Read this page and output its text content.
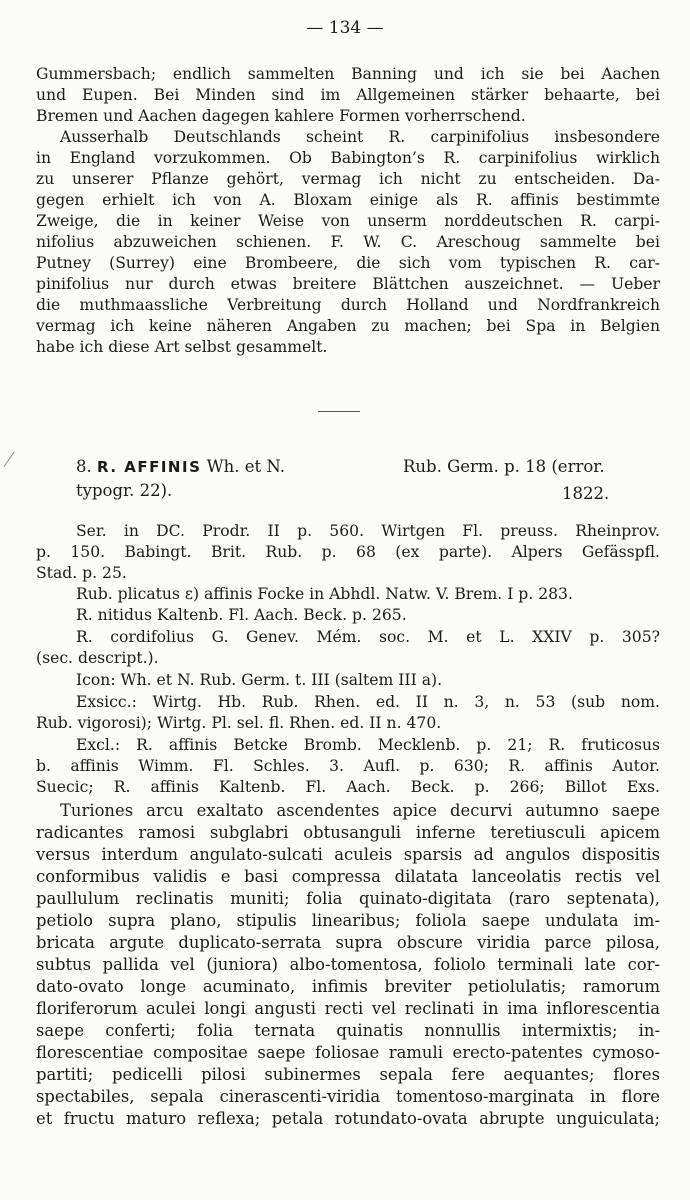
— 134 —
Gummersbach; endlich sammelten Banning und ich sie bei Aachen
und Eupen. Bei Minden sind im Allgemeinen stärker behaarte, bei
Bremen und Aachen dagegen kahlere Formen vorherrschend.
Ausserhalb Deutschlands scheint R. carpinifolius insbesondere
in England vorzukommen. Ob Babington’s R. carpinifolius wirklich
zu unserer Pflanze gehört, vermag ich nicht zu entscheiden. Da-
gegen erhielt ich von A. Bloxam einige als R. affinis bestimmte
Zweige, die in keiner Weise von unserm norddeutschen R. carpi-
nifolius abzuweichen schienen. F. W. C. Areschoug sammelte bei
Putney (Surrey) eine Brombeere, die sich vom typischen R. car-
pinifolius nur durch etwas breitere Blättchen auszeichnet. — Ueber
die muthmaassliche Verbreitung durch Holland und Nordfrankreich
vermag ich keine näheren Angaben zu machen; bei Spa in Belgien
habe ich diese Art selbst gesammelt.
8. R. AFFINIS Wh. et N.	Rub. Germ. p. 18 (error.
typogr. 22).	1822.
Ser. in DC. Prodr. II p. 560. Wirtgen Fl. preuss. Rheinprov.
p. 150. Babingt. Brit. Rub. p. 68 (ex parte). Alpers Gefässpfl.
Stad. p. 25.
Rub. plicatus ε) affinis Focke in Abhdl. Natw. V. Brem. I p. 283.
R. nitidus Kaltenb. Fl. Aach. Beck. p. 265.
R. cordifolius G. Genev. Mém. soc. M. et L. XXIV p. 305?
(sec. descript.).
Icon: Wh. et N. Rub. Germ. t. III (saltem III a).
Exsicc.: Wirtg. Hb. Rub. Rhen. ed. II n. 3, n. 53 (sub nom.
Rub. vigorosi); Wirtg. Pl. sel. fl. Rhen. ed. II n. 470.
Excl.: R. affinis Betcke Bromb. Mecklenb. p. 21; R. fruticosus
b. affinis Wimm. Fl. Schles. 3. Aufl. p. 630; R. affinis Autor.
Suecic; R. affinis Kaltenb. Fl. Aach. Beck. p. 266; Billot Exs.
Turiones arcu exaltato ascendentes apice decurvi autumno saepe
radicantes ramosi subglabri obtusanguli inferne teretiusculi apicem
versus interdum angulato-sulcati aculeis sparsis ad angulos dispositis
conformibus validis e basi compressa dilatata lanceolatis rectis vel
paullulum reclinatis muniti; folia quinato-digitata (raro septenata),
petiolo supra plano, stipulis linearibus; foliola saepe undulata im-
bricata argute duplicato-serrata supra obscure viridia parce pilosa,
subtus pallida vel (juniora) albo-tomentosa, foliolo terminali late cor-
dato-ovato longe acuminato, infimis breviter petiolulatis; ramorum
floriferorum aculei longi angusti recti vel reclinati in ima inflorescentia
saepe conferti; folia ternata quinatis nonnullis intermixtis; in-
florescentiae compositae saepe foliosae ramuli erecto-patentes cymoso-
partiti; pedicelli pilosi subinermes sepala fere aequantes; flores
spectabiles, sepala cinerascenti-viridia tomentoso-marginata in flore
et fructu maturo reflexa; petala rotundato-ovata abrupte unguiculata;
